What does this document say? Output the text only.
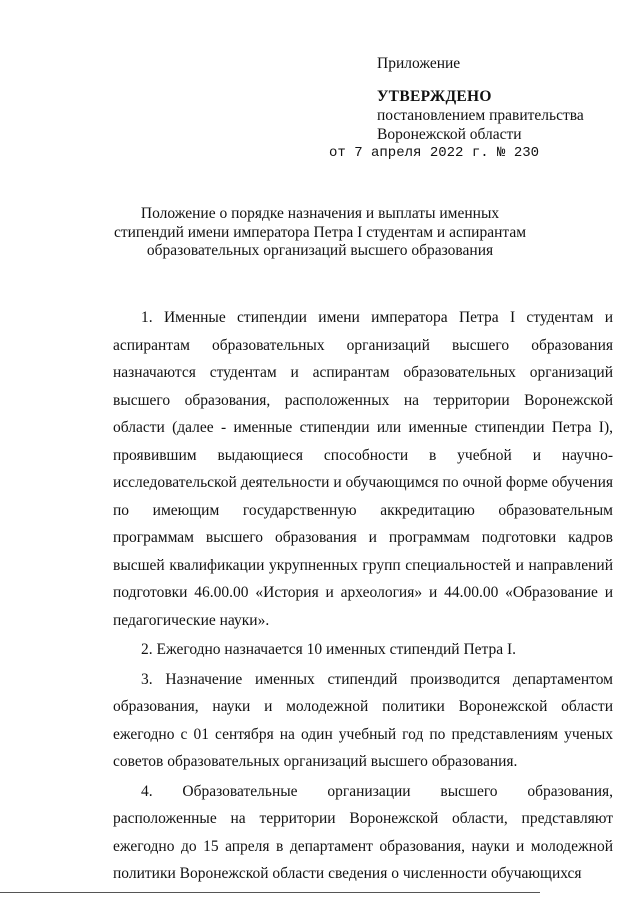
Приложение
УТВЕРЖДЕНО
постановлением правительства
Воронежской области
от 7 апреля 2022 г. № 230
Положение о порядке назначения и выплаты именных стипендий имени императора Петра I студентам и аспирантам образовательных организаций высшего образования

1. Именные стипендии имени императора Петра I студентам и аспирантам образовательных организаций высшего образования назначаются студентам и аспирантам образовательных организаций высшего образования, расположенных на территории Воронежской области (далее - именные стипендии или именные стипендии Петра I), проявившим выдающиеся способности в учебной и научно-исследовательской деятельности и обучающимся по очной форме обучения по имеющим государственную аккредитацию образовательным программам высшего образования и программам подготовки кадров высшей квалификации укрупненных групп специальностей и направлений подготовки 46.00.00 «История и археология» и 44.00.00 «Образование и педагогические науки».

2. Ежегодно назначается 10 именных стипендий Петра I.

3. Назначение именных стипендий производится департаментом образования, науки и молодежной политики Воронежской области ежегодно с 01 сентября на один учебный год по представлениям ученых советов образовательных организаций высшего образования.

4. Образовательные организации высшего образования, расположенные на территории Воронежской области, представляют ежегодно до 15 апреля в департамент образования, науки и молодежной политики Воронежской области сведения о численности обучающихся
